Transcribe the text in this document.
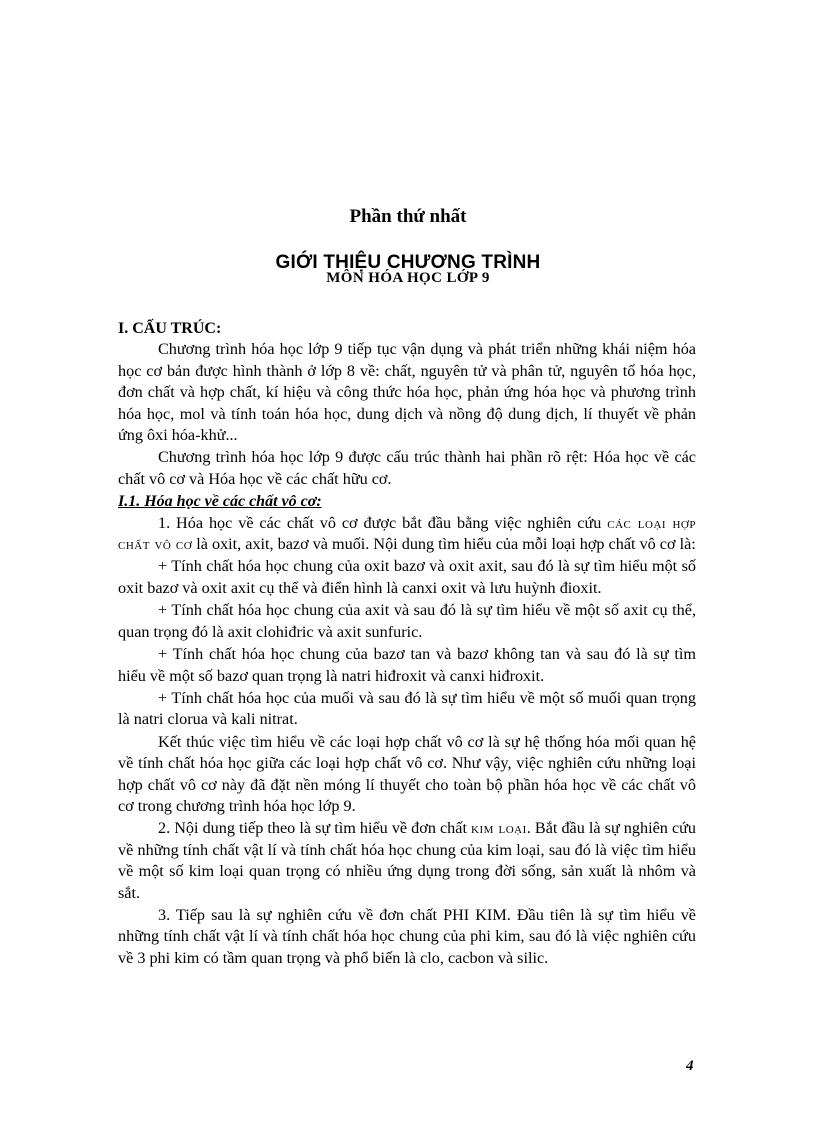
Phần thứ nhất
GIỚI THIỆU CHƯƠNG TRÌNH
MÔN HÓA HỌC LỚP 9
I. CẤU TRÚC:

Chương trình hóa học lớp 9 tiếp tục vận dụng và phát triển những khái niệm hóa học cơ bản được hình thành ở lớp 8 về: chất, nguyên tử và phân tử, nguyên tố hóa học, đơn chất và hợp chất, kí hiệu và công thức hóa học, phản ứng hóa học và phương trình hóa học, mol và tính toán hóa học, dung dịch và nồng độ dung dịch, lí thuyết về phản ứng ôxi hóa-khử...

Chương trình hóa học lớp 9 được cấu trúc thành hai phần rõ rệt: Hóa học về các chất vô cơ và Hóa học về các chất hữu cơ.

I.1. Hóa học về các chất vô cơ:

1. Hóa học về các chất vô cơ được bắt đầu bằng việc nghiên cứu các loại hợp chất vô cơ là oxit, axit, bazơ và muối. Nội dung tìm hiểu của mỗi loại hợp chất vô cơ là:

+ Tính chất hóa học chung của oxit bazơ và oxit axit, sau đó là sự tìm hiểu một số oxit bazơ và oxit axit cụ thể và điển hình là canxi oxit và lưu huỳnh đioxit.

+ Tính chất hóa học chung của axit và sau đó là sự tìm hiểu về một số axit cụ thể, quan trọng đó là axit clohiđric và axit sunfuric.

+ Tính chất hóa học chung của bazơ tan và bazơ không tan và sau đó là sự tìm hiểu về một số bazơ quan trọng là natri hiđroxit và canxi hiđroxit.

+ Tính chất hóa học của muối và sau đó là sự tìm hiểu về một số muối quan trọng là natri clorua và kali nitrat.

Kết thúc việc tìm hiểu về các loại hợp chất vô cơ là sự hệ thống hóa mối quan hệ về tính chất hóa học giữa các loại hợp chất vô cơ. Như vậy, việc nghiên cứu những loại hợp chất vô cơ này đã đặt nền móng lí thuyết cho toàn bộ phần hóa học về các chất vô cơ trong chương trình hóa học lớp 9.

2. Nội dung tiếp theo là sự tìm hiểu về đơn chất kim loại. Bắt đầu là sự nghiên cứu về những tính chất vật lí và tính chất hóa học chung của kim loại, sau đó là việc tìm hiểu về một số kim loại quan trọng có nhiều ứng dụng trong đời sống, sản xuất là nhôm và sắt.

3. Tiếp sau là sự nghiên cứu về đơn chất PHI KIM. Đầu tiên là sự tìm hiểu về những tính chất vật lí và tính chất hóa học chung của phi kim, sau đó là việc nghiên cứu về 3 phi kim có tầm quan trọng và phổ biến là clo, cacbon và silic.

4
